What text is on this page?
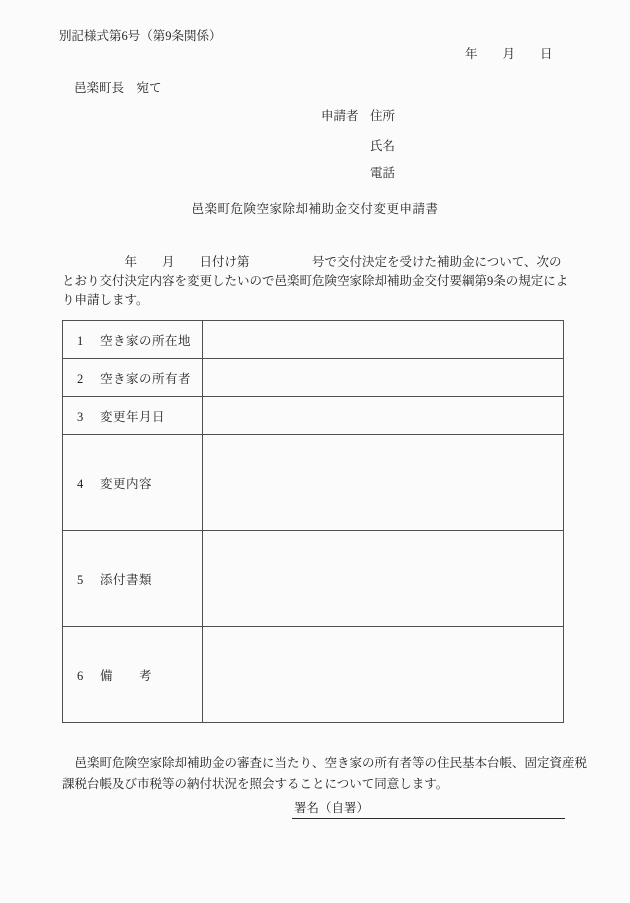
別記様式第6号（第9条関係）
年　　月　　日
邑楽町長　宛て
申請者 住所
氏名
電話
邑楽町危険空家除却補助金交付変更申請書
　　　　　年　　月　　日付け第　　　　　号で交付決定を受けた補助金について、次の
とおり交付決定内容を変更したいので邑楽町危険空家除却補助金交付要綱第9条の規定によ
り申請します。
1 空き家の所在地	
2 空き家の所有者	
3 変更年月日	
4 変更内容	
5 添付書類	
6 備　　考	
　邑楽町危険空家除却補助金の審査に当たり、空き家の所有者等の住民基本台帳、固定資産税
課税台帳及び市税等の納付状況を照会することについて同意します。

署名（自署）
